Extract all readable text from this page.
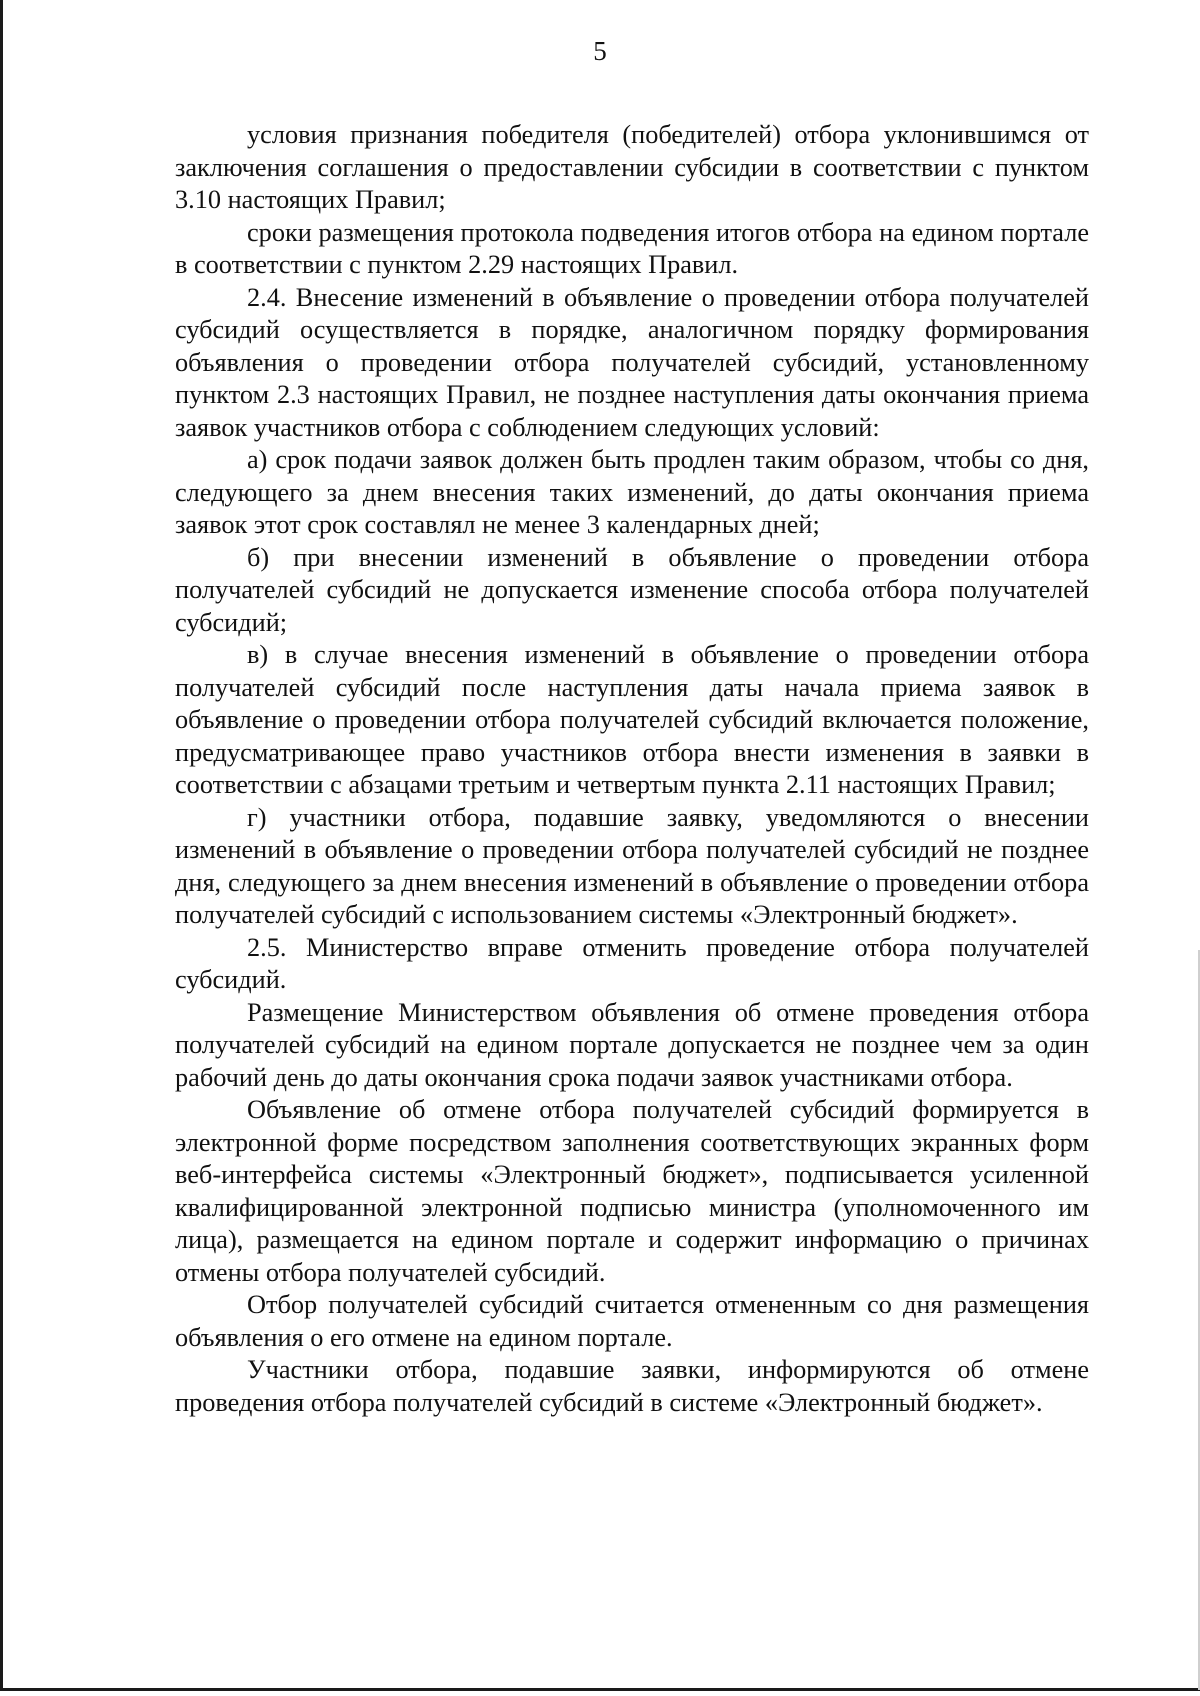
5

условия признания победителя (победителей) отбора уклонившимся от заключения соглашения о предоставлении субсидии в соответствии с пунктом 3.10 настоящих Правил;

сроки размещения протокола подведения итогов отбора на едином портале в соответствии с пунктом 2.29 настоящих Правил.

2.4. Внесение изменений в объявление о проведении отбора получателей субсидий осуществляется в порядке, аналогичном порядку формирования объявления о проведении отбора получателей субсидий, установленному пунктом 2.3 настоящих Правил, не позднее наступления даты окончания приема заявок участников отбора с соблюдением следующих условий:

а) срок подачи заявок должен быть продлен таким образом, чтобы со дня, следующего за днем внесения таких изменений, до даты окончания приема заявок этот срок составлял не менее 3 календарных дней;

б) при внесении изменений в объявление о проведении отбора получателей субсидий не допускается изменение способа отбора получателей субсидий;

в) в случае внесения изменений в объявление о проведении отбора получателей субсидий после наступления даты начала приема заявок в объявление о проведении отбора получателей субсидий включается положение, предусматривающее право участников отбора внести изменения в заявки в соответствии с абзацами третьим и четвертым пункта 2.11 настоящих Правил;

г) участники отбора, подавшие заявку, уведомляются о внесении изменений в объявление о проведении отбора получателей субсидий не позднее дня, следующего за днем внесения изменений в объявление о проведении отбора получателей субсидий с использованием системы «Электронный бюджет».

2.5. Министерство вправе отменить проведение отбора получателей субсидий.

Размещение Министерством объявления об отмене проведения отбора получателей субсидий на едином портале допускается не позднее чем за один рабочий день до даты окончания срока подачи заявок участниками отбора.

Объявление об отмене отбора получателей субсидий формируется в электронной форме посредством заполнения соответствующих экранных форм веб-интерфейса системы «Электронный бюджет», подписывается усиленной квалифицированной электронной подписью министра (уполномоченного им лица), размещается на едином портале и содержит информацию о причинах отмены отбора получателей субсидий.

Отбор получателей субсидий считается отмененным со дня размещения объявления о его отмене на едином портале.

Участники отбора, подавшие заявки, информируются об отмене проведения отбора получателей субсидий в системе «Электронный бюджет».
